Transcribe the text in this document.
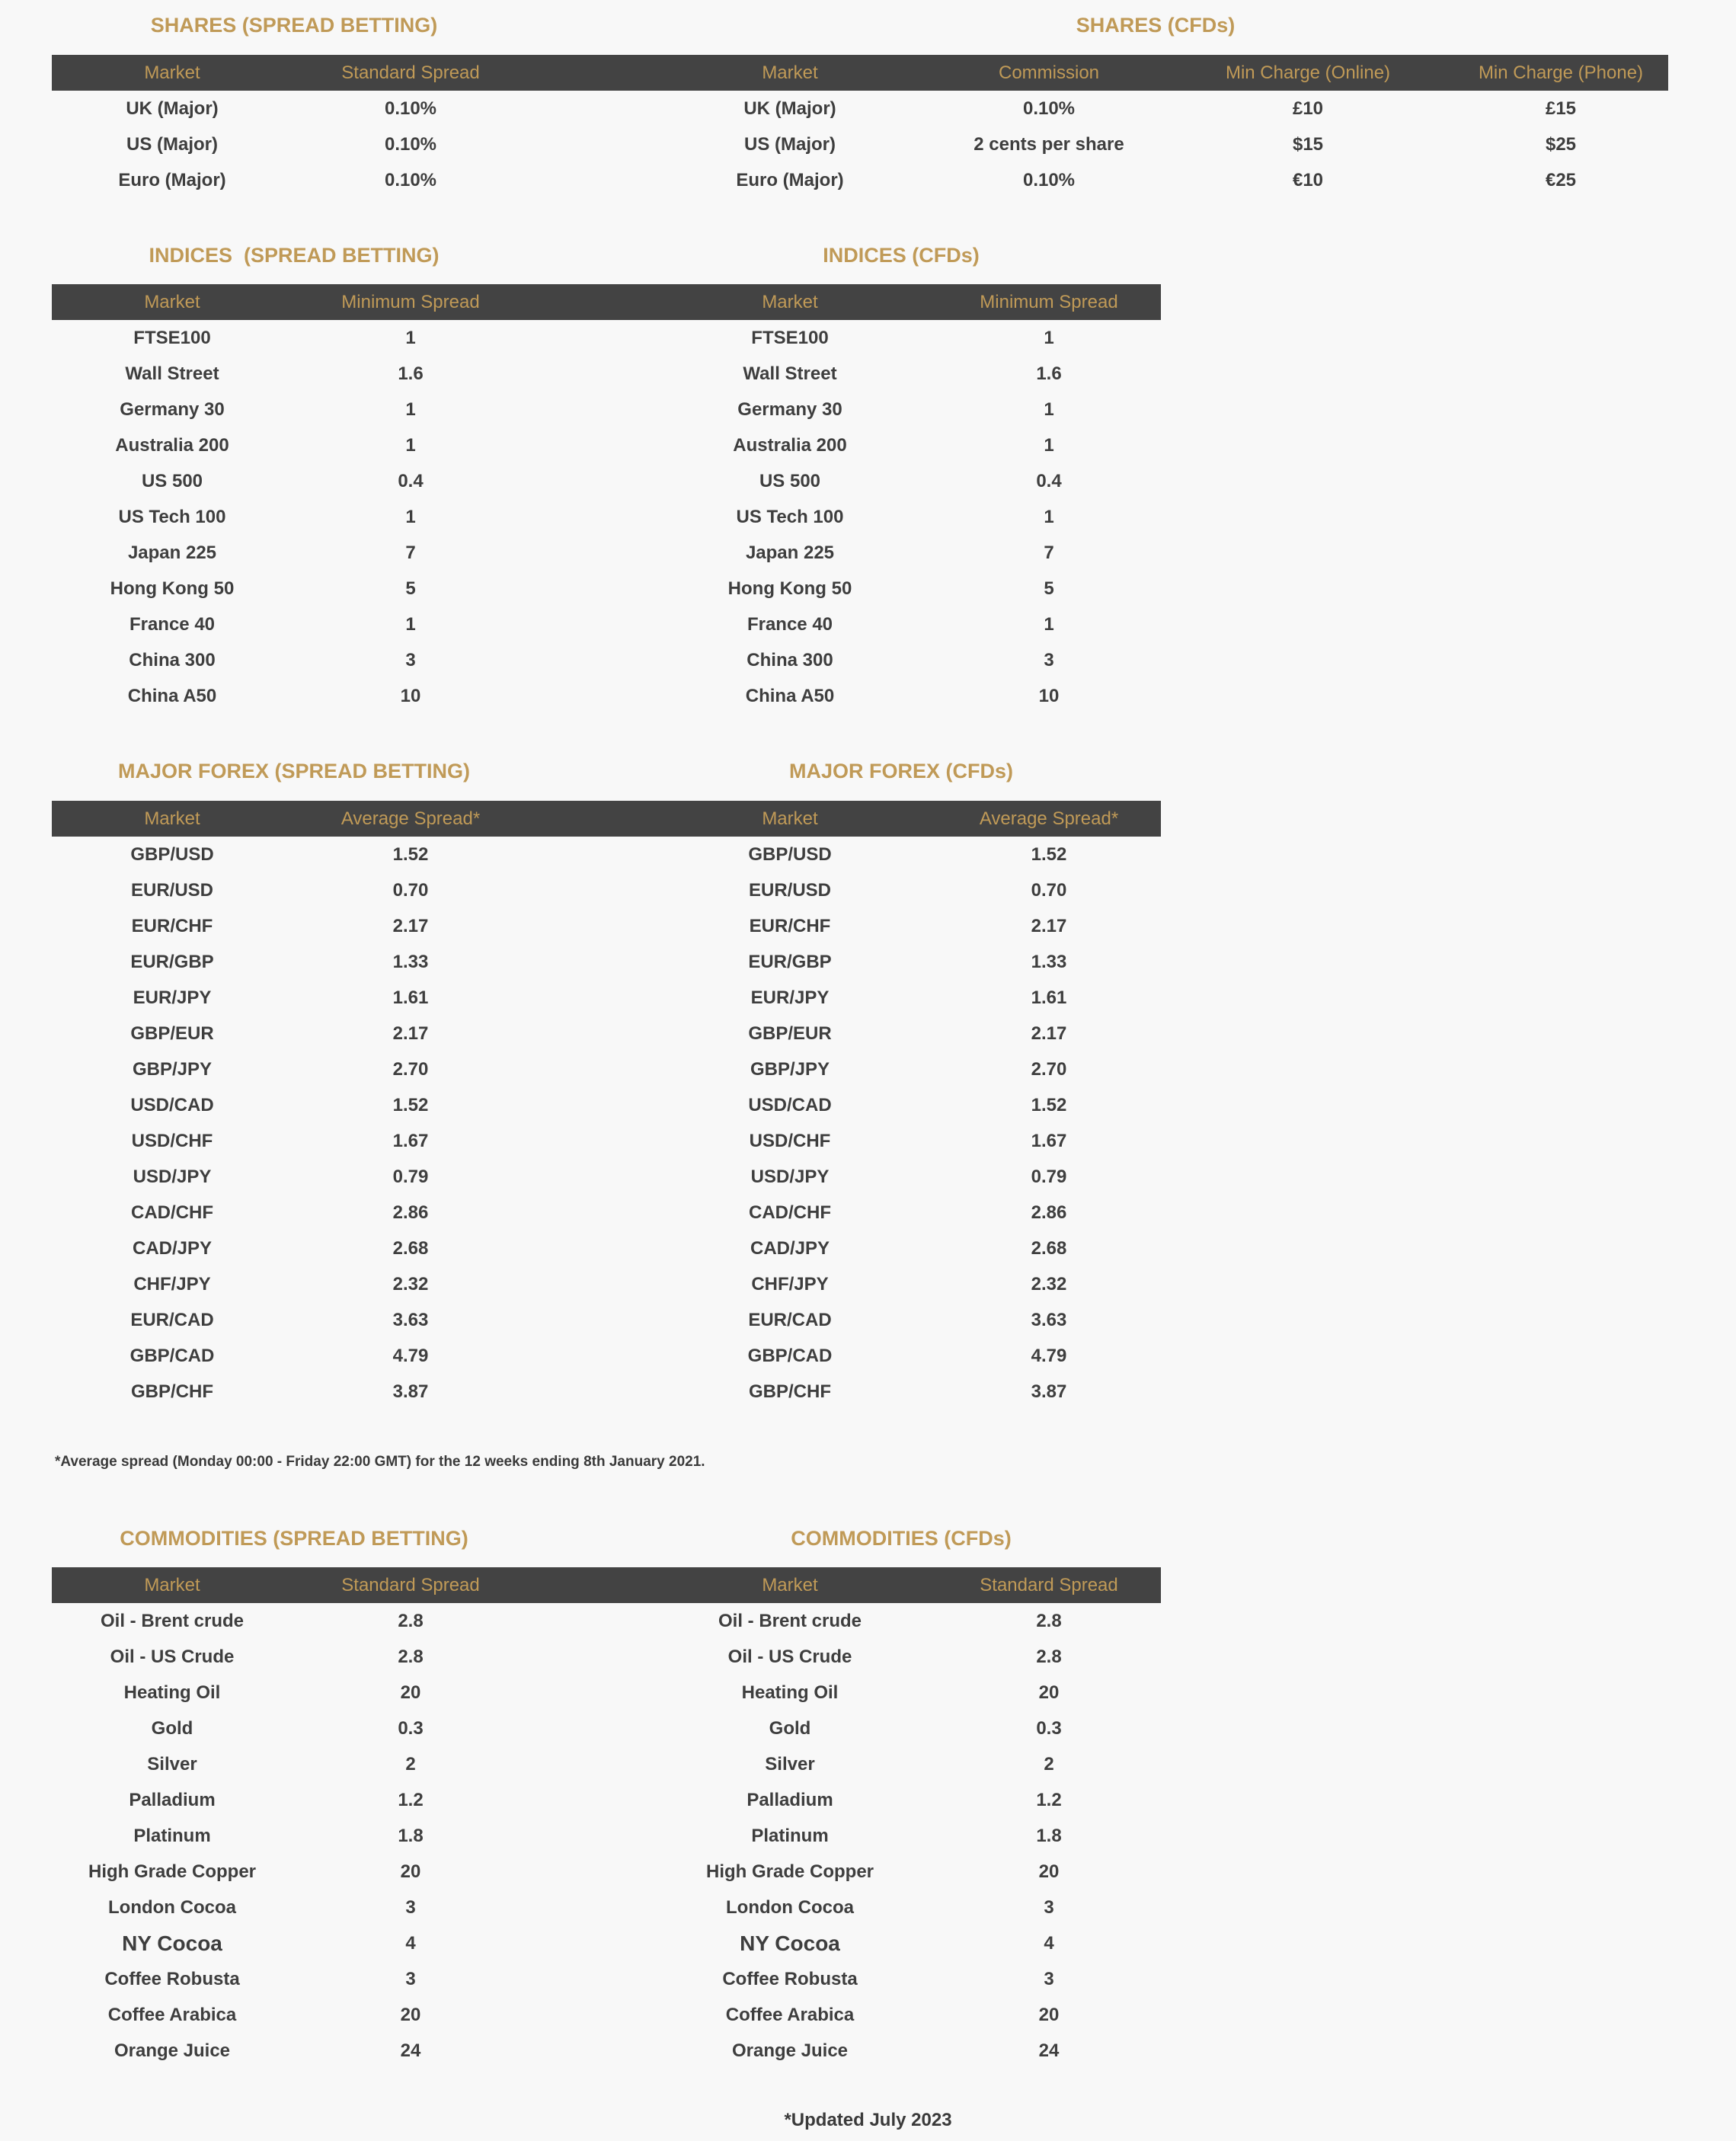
SHARES (SPREAD BETTING)	SHARES (CFDs)
Market	Standard Spread	Market	Commission	Min Charge (Online)	Min Charge (Phone)
UK (Major)	0.10%	UK (Major)	0.10%	£10	£15
US (Major)	0.10%	US (Major)	2 cents per share	$15	$25
Euro (Major)	0.10%	Euro (Major)	0.10%	€10	€25
INDICES  (SPREAD BETTING)	INDICES (CFDs)
Market	Minimum Spread	Market	Minimum Spread
FTSE100	1	FTSE100	1
Wall Street	1.6	Wall Street	1.6
Germany 30	1	Germany 30	1
Australia 200	1	Australia 200	1
US 500	0.4	US 500	0.4
US Tech 100	1	US Tech 100	1
Japan 225	7	Japan 225	7
Hong Kong 50	5	Hong Kong 50	5
France 40	1	France 40	1
China 300	3	China 300	3
China A50	10	China A50	10
MAJOR FOREX (SPREAD BETTING)	MAJOR FOREX (CFDs)
Market	Average Spread*	Market	Average Spread*
GBP/USD	1.52	GBP/USD	1.52
EUR/USD	0.70	EUR/USD	0.70
EUR/CHF	2.17	EUR/CHF	2.17
EUR/GBP	1.33	EUR/GBP	1.33
EUR/JPY	1.61	EUR/JPY	1.61
GBP/EUR	2.17	GBP/EUR	2.17
GBP/JPY	2.70	GBP/JPY	2.70
USD/CAD	1.52	USD/CAD	1.52
USD/CHF	1.67	USD/CHF	1.67
USD/JPY	0.79	USD/JPY	0.79
CAD/CHF	2.86	CAD/CHF	2.86
CAD/JPY	2.68	CAD/JPY	2.68
CHF/JPY	2.32	CHF/JPY	2.32
EUR/CAD	3.63	EUR/CAD	3.63
GBP/CAD	4.79	GBP/CAD	4.79
GBP/CHF	3.87	GBP/CHF	3.87
*Average spread (Monday 00:00 - Friday 22:00 GMT) for the 12 weeks ending 8th January 2021.
COMMODITIES (SPREAD BETTING)	COMMODITIES (CFDs)
Market	Standard Spread	Market	Standard Spread
Oil - Brent crude	2.8	Oil - Brent crude	2.8
Oil - US Crude	2.8	Oil - US Crude	2.8
Heating Oil	20	Heating Oil	20
Gold	0.3	Gold	0.3
Silver	2	Silver	2
Palladium	1.2	Palladium	1.2
Platinum	1.8	Platinum	1.8
High Grade Copper	20	High Grade Copper	20
London Cocoa	3	London Cocoa	3
NY Cocoa	4	NY Cocoa	4
Coffee Robusta	3	Coffee Robusta	3
Coffee Arabica	20	Coffee Arabica	20
Orange Juice	24	Orange Juice	24
*Updated July 2023
